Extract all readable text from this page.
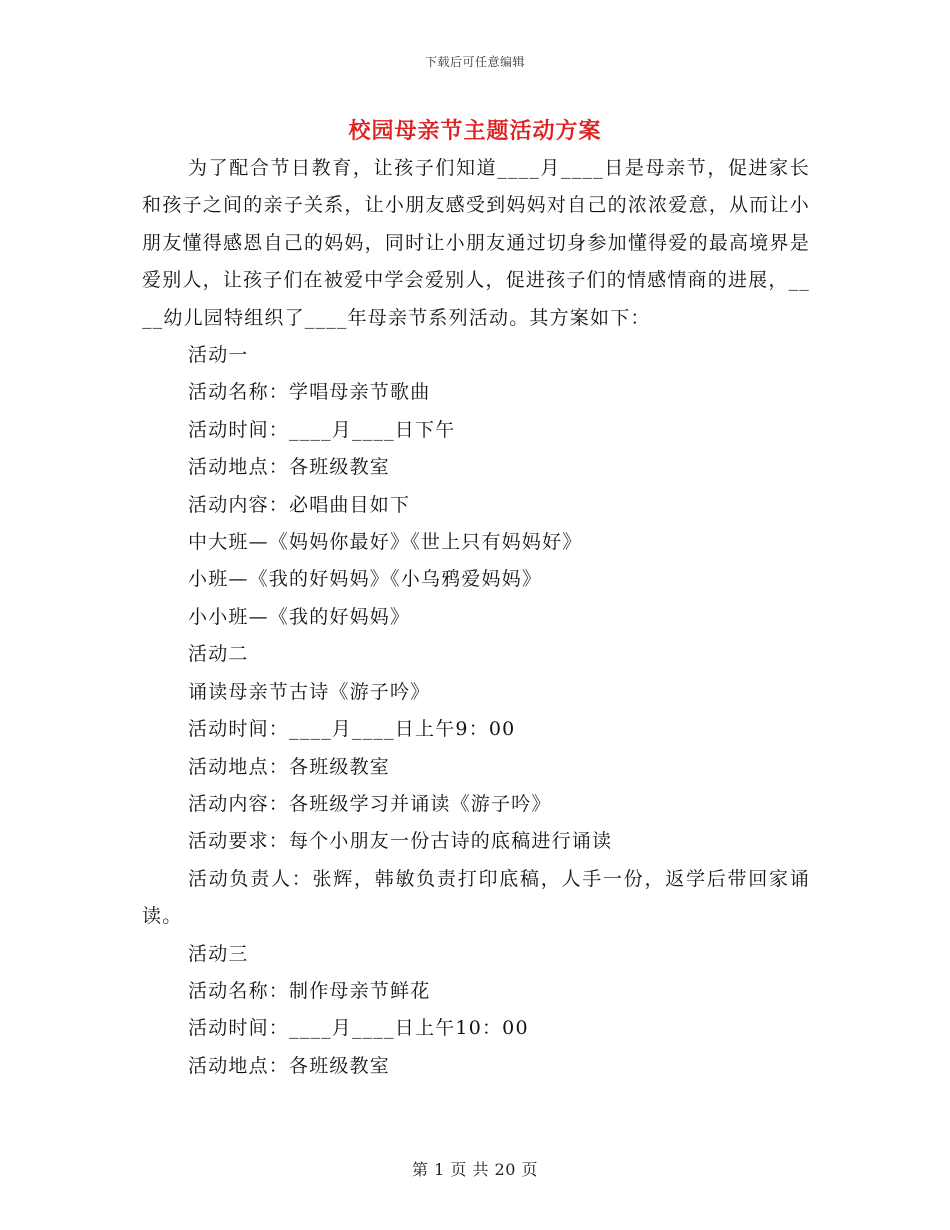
下载后可任意编辑
校园母亲节主题活动方案

为了配合节日教育，让孩子们知道____月____日是母亲节，促进家长和孩子之间的亲子关系，让小朋友感受到妈妈对自己的浓浓爱意，从而让小朋友懂得感恩自己的妈妈，同时让小朋友通过切身参加懂得爱的最高境界是爱别人，让孩子们在被爱中学会爱别人，促进孩子们的情感情商的进展，____幼儿园特组织了____年母亲节系列活动。其方案如下：

活动一

活动名称：学唱母亲节歌曲

活动时间：____月____日下午

活动地点：各班级教室

活动内容：必唱曲目如下

中大班—《妈妈你最好》《世上只有妈妈好》

小班—《我的好妈妈》《小乌鸦爱妈妈》

小小班—《我的好妈妈》

活动二

诵读母亲节古诗《游子吟》

活动时间：____月____日上午9：00

活动地点：各班级教室

活动内容：各班级学习并诵读《游子吟》

活动要求：每个小朋友一份古诗的底稿进行诵读

活动负责人：张辉，韩敏负责打印底稿，人手一份，返学后带回家诵读。

活动三

活动名称：制作母亲节鲜花

活动时间：____月____日上午10：00

活动地点：各班级教室

第 1 页 共 20 页
